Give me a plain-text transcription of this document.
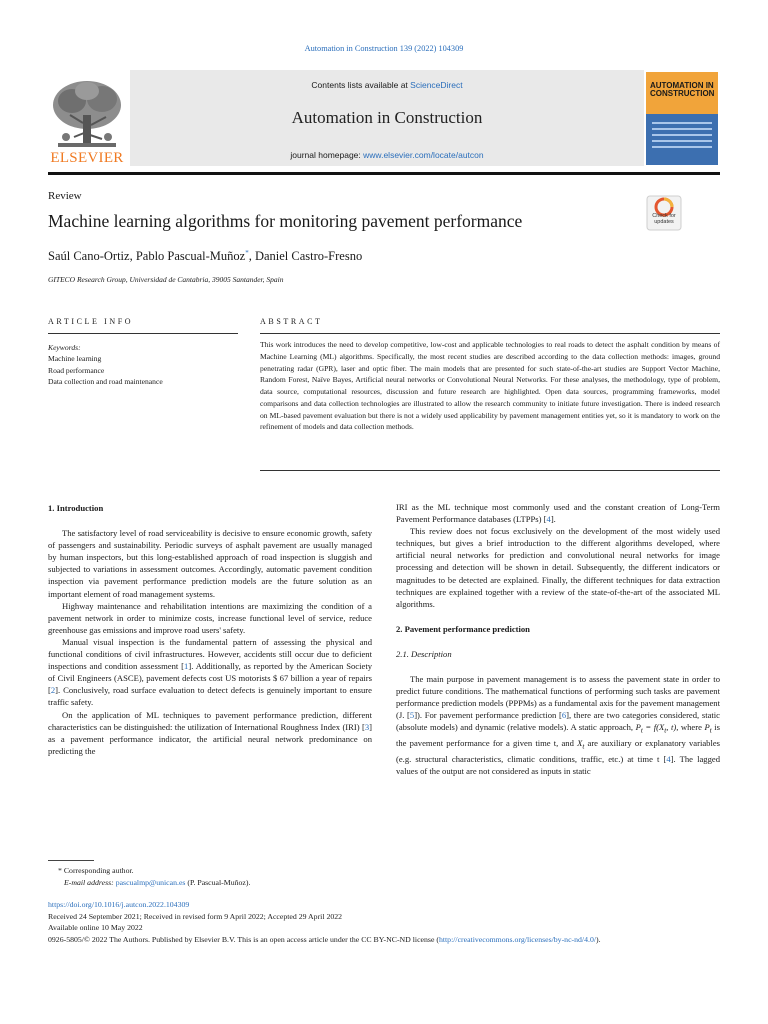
Automation in Construction 139 (2022) 104309
ELSEVIER
Contents lists available at ScienceDirect
Automation in Construction
journal homepage: www.elsevier.com/locate/autcon
AUTOMATION IN CONSTRUCTION
Review
Machine learning algorithms for monitoring pavement performance	Check for updates
Saúl Cano-Ortiz, Pablo Pascual-Muñoz*, Daniel Castro-Fresno
GITECO Research Group, Universidad de Cantabria, 39005 Santander, Spain
ARTICLE INFO	ABSTRACT
Keywords:
Machine learning
Road performance
Data collection and road maintenance
This work introduces the need to develop competitive, low-cost and applicable technologies to real roads to detect the asphalt condition by means of Machine Learning (ML) algorithms. Specifically, the most recent studies are described according to the data collection methods: images, ground penetrating radar (GPR), laser and optic fiber. The main models that are presented for such state-of-the-art studies are Support Vector Machine, Random Forest, Naïve Bayes, Artificial neural networks or Convolutional Neural Networks. For these analyses, the methodology, type of problem, data source, computational resources, discussion and future research are highlighted. Open data sources, programming frameworks, model comparisons and data collection technologies are illustrated to allow the research community to initiate future investigation. There is indeed research on ML-based pavement evaluation but there is not a widely used applicability by pavement management entities yet, so it is mandatory to work on the refinement of models and data collection methods.
1. Introduction

The satisfactory level of road serviceability is decisive to ensure economic growth, safety of passengers and sustainability. Periodic surveys of asphalt pavement are usually managed by human inspectors, but this long-established approach of road inspection is sluggish and subjected to variations in assessment outcomes. Accordingly, automatic pavement condition inspection via pavement performance prediction models are the future solution as an important element of road management systems.

Highway maintenance and rehabilitation intentions are maximizing the condition of a pavement network in order to minimize costs, increase functional level of service, reduce greenhouse gas emissions and improve road users' safety.

Manual visual inspection is the fundamental pattern of assessing the physical and functional conditions of civil infrastructures. However, accidents still occur due to deficient inspections and condition assessment [1]. Additionally, as reported by the American Society of Civil Engineers (ASCE), pavement defects cost US motorists $ 67 billion a year of repairs [2]. Conclusively, road surface evaluation to detect defects is genuinely important to ensure traffic safety.

On the application of ML techniques to pavement performance prediction, different characteristics can be distinguished: the utilization of International Roughness Index (IRI) [3] as a pavement performance indicator, the artificial neural network predominance on predicting the

IRI as the ML technique most commonly used and the constant creation of Long-Term Pavement Performance databases (LTPPs) [4].

This review does not focus exclusively on the development of the most widely used techniques, but gives a brief introduction to the different algorithms developed, where artificial neural networks for prediction and convolutional neural networks for image processing and detection will be shown in detail. Subsequently, the different indicators or magnitudes to be detected are explained. Finally, the different techniques for data extraction techniques are explained together with a review of the state-of-the-art of the associated ML algorithms.

2. Pavement performance prediction
2.1. Description

The main purpose in pavement management is to assess the pavement state in order to predict future conditions. The mathematical functions of performing such tasks are pavement performance prediction models (PPPMs) as a fundamental axis for the pavement management (J. [5]). For pavement performance prediction [6], there are two categories considered, static (absolute models) and dynamic (relative models). A static approach, $P_t = f(X_t$, t), where $P_t$ is the pavement performance for a given time t, and $X_t$ are auxiliary or explanatory variables (e.g. structural characteristics, climatic conditions, traffic, etc.) at time t [4]. The lagged values of the output are not considered as inputs in static

* Corresponding author.
E-mail address: pascualmp@unican.es (P. Pascual-Muñoz).
https://doi.org/10.1016/j.autcon.2022.104309
Received 24 September 2021; Received in revised form 9 April 2022; Accepted 29 April 2022
Available online 10 May 2022
0926-5805/© 2022 The Authors. Published by Elsevier B.V. This is an open access article under the CC BY-NC-ND license (http://creativecommons.org/licenses/by-nc-nd/4.0/).
